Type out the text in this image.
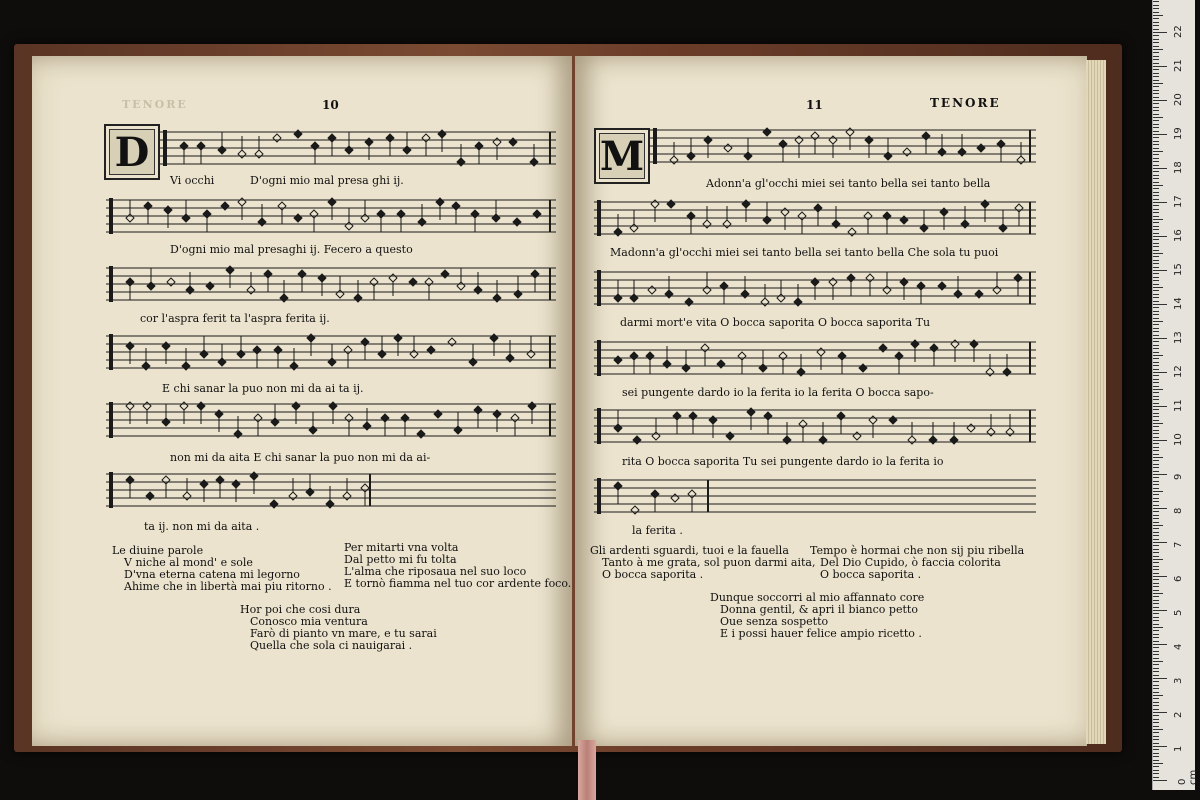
TENORE	10
D
Vi occhi	D'ogni mio mal presa ghi ij.
D'ogni mio mal presaghi ij. Fecero a questo
cor l'aspra ferit ta l'aspra ferita ij.
E chi sanar la puo non mi da ai ta ij.
non mi da aita E chi sanar la puo non mi da ai-
ta ij. non mi da aita .
Le diuine parole
V niche al mond' e sole
D'vna eterna catena mi legorno
Ahime che in libertà mai piu ritorno .
Per mitarti vna volta
Dal petto mi fu tolta
L'alma che riposaua nel suo loco
E tornò fiamma nel tuo cor ardente foco.
Hor poi che cosi dura
Conosco mia ventura
Farò di pianto vn mare, e tu sarai
Quella che sola ci nauigarai .
11	TENORE
M
Adonn'a gl'occhi miei sei tanto bella sei tanto bella
Madonn'a gl'occhi miei sei tanto bella sei tanto bella Che sola tu puoi
darmi mort'e vita O bocca saporita O bocca saporita Tu
sei pungente dardo io la ferita io la ferita O bocca sapo-
rita O bocca saporita Tu sei pungente dardo io la ferita io
la ferita .
Gli ardenti sguardi, tuoi e la fauella
Tanto à me grata, sol puon darmi aita,
O bocca saporita .
Tempo è hormai che non sij piu ribella
Del Dio Cupido, ò faccia colorita
O bocca saporita .
Dunque soccorri al mio affannato core
Donna gentil, & apri il bianco petto
Oue senza sospetto
E i possi hauer felice ampio ricetto .
0 cm
1
2
3
4
5
6
7
8
9
10
11
12
13
14
15
16
17
18
19
20
21
22
